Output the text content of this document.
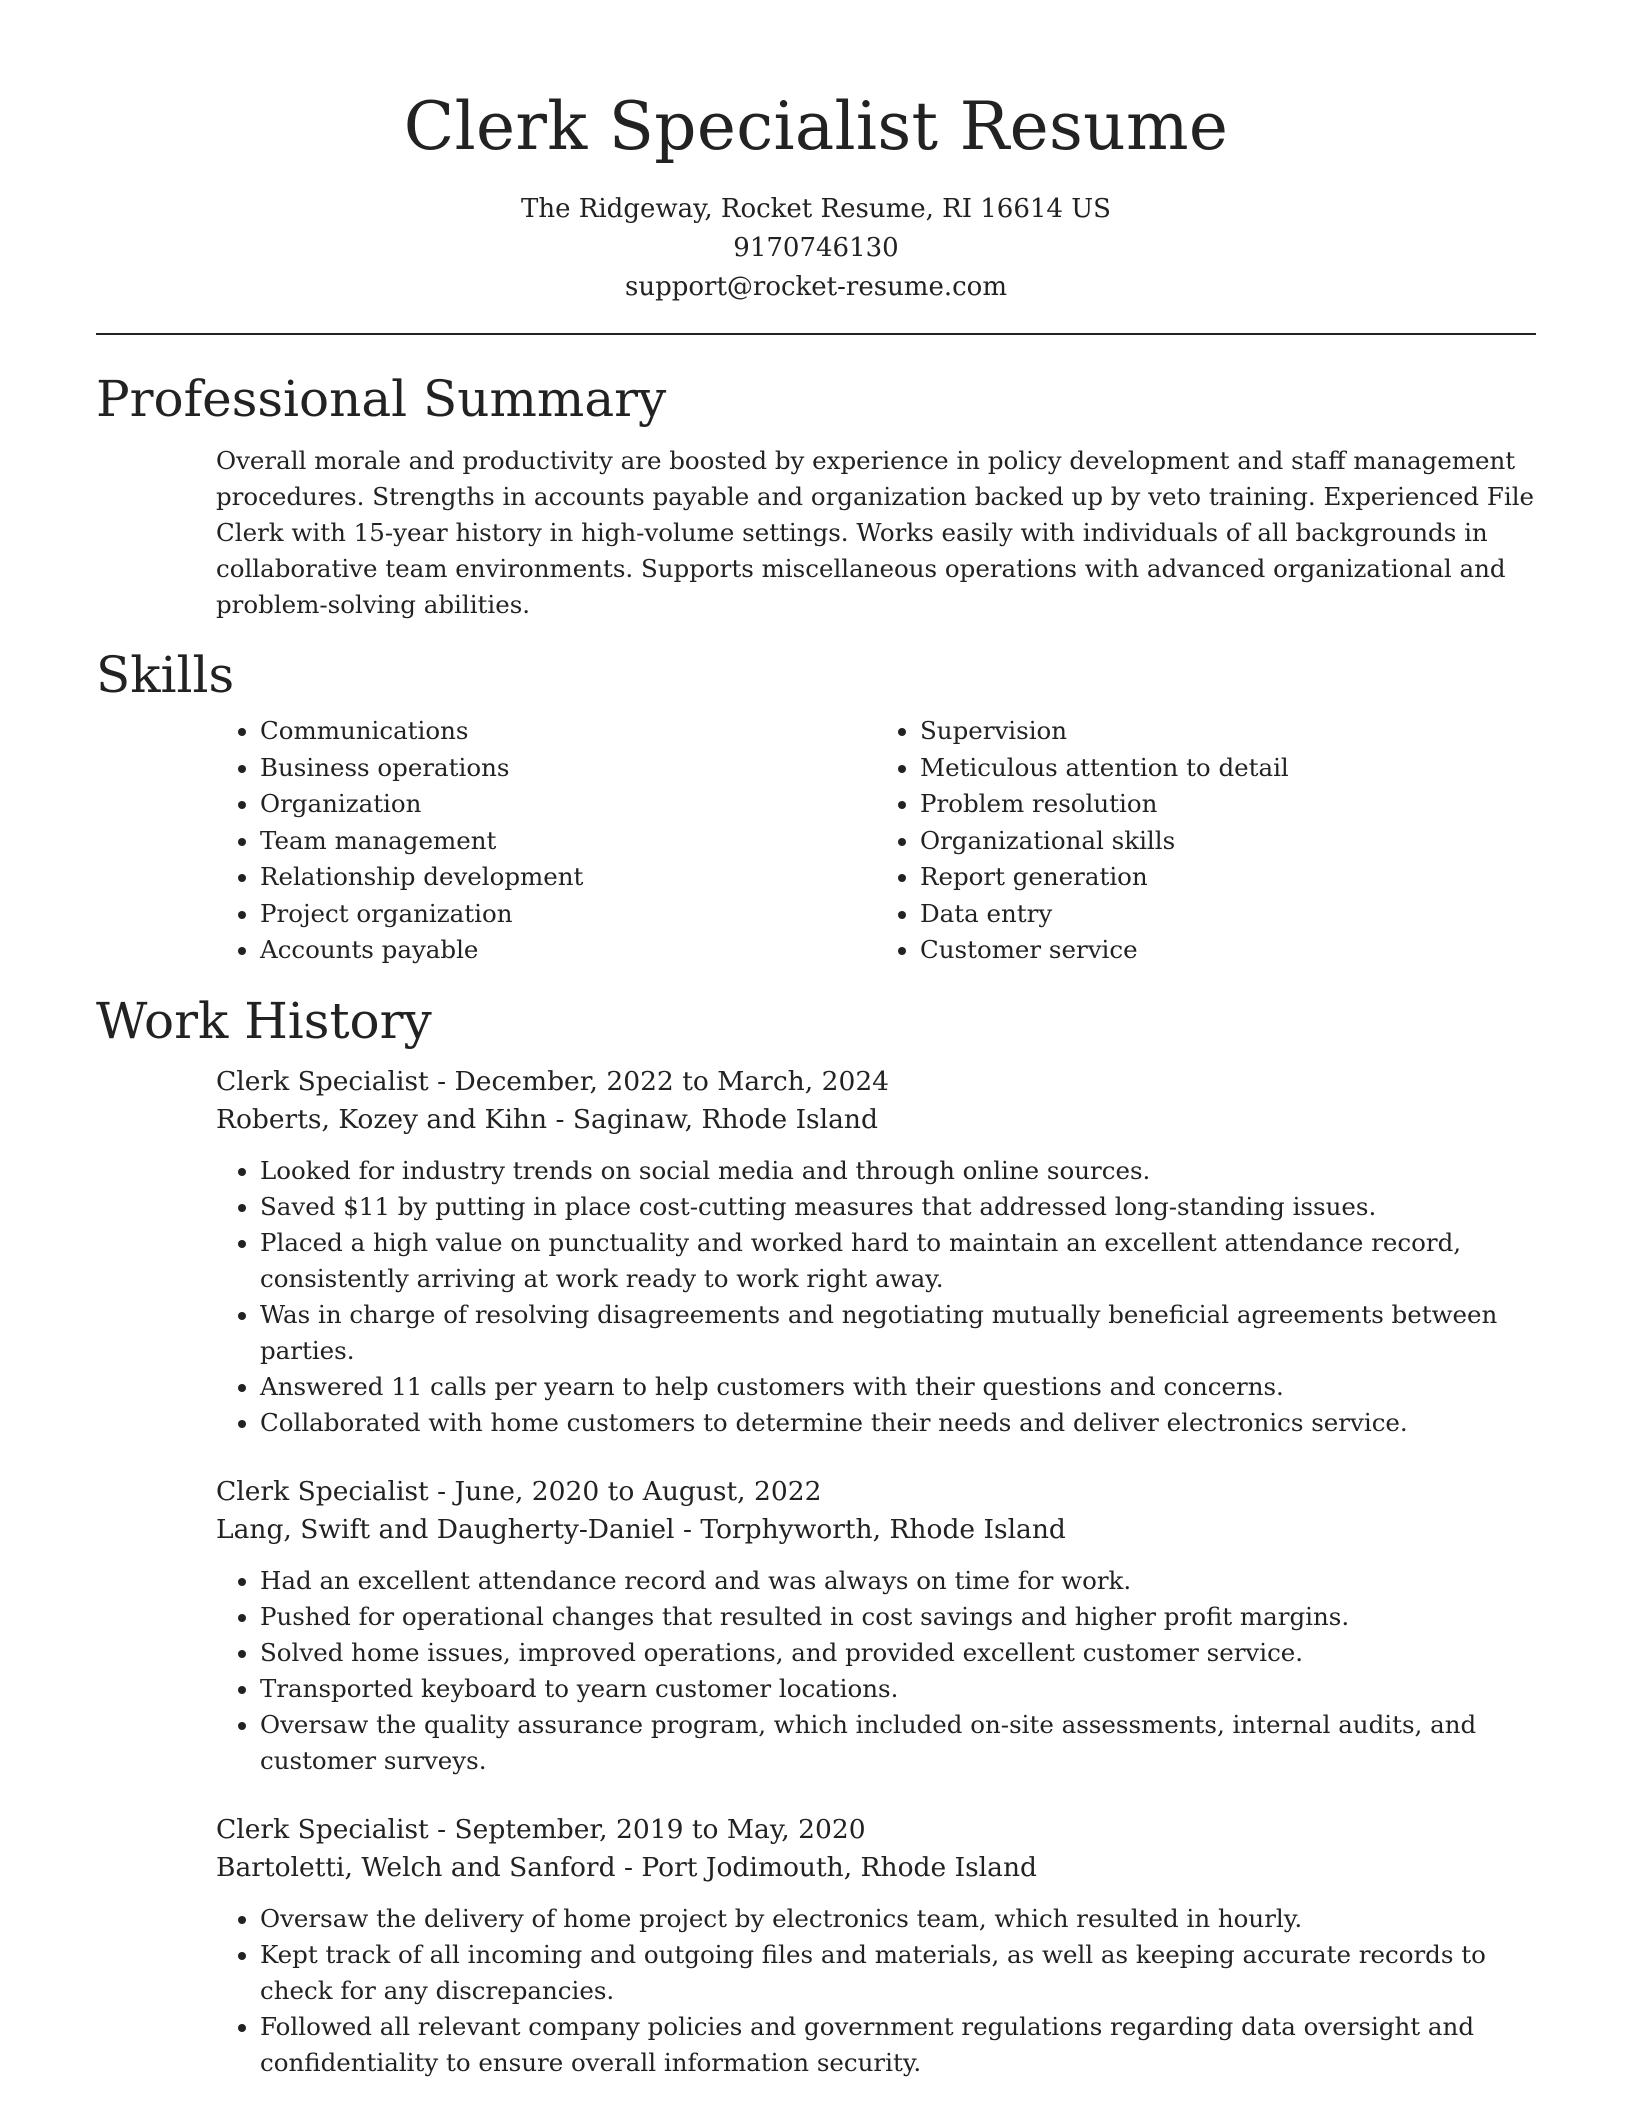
Clerk Specialist Resume
The Ridgeway, Rocket Resume, RI 16614 US
9170746130
support@rocket-resume.com
Professional Summary

Overall morale and productivity are boosted by experience in policy development and staff management procedures. Strengths in accounts payable and organization backed up by veto training. Experienced File Clerk with 15-year history in high-volume settings. Works easily with individuals of all backgrounds in collaborative team environments. Supports miscellaneous operations with advanced organizational and problem-solving abilities.

Skills
• Communications
• Business operations
• Organization
• Team management
• Relationship development
• Project organization
• Accounts payable
• Supervision
• Meticulous attention to detail
• Problem resolution
• Organizational skills
• Report generation
• Data entry
• Customer service
Work History
Clerk Specialist - December, 2022 to March, 2024
Roberts, Kozey and Kihn - Saginaw, Rhode Island
• Looked for industry trends on social media and through online sources.
• Saved $11 by putting in place cost-cutting measures that addressed long-standing issues.
• Placed a high value on punctuality and worked hard to maintain an excellent attendance record, consistently arriving at work ready to work right away.
• Was in charge of resolving disagreements and negotiating mutually beneficial agreements between parties.
• Answered 11 calls per yearn to help customers with their questions and concerns.
• Collaborated with home customers to determine their needs and deliver electronics service.
Clerk Specialist - June, 2020 to August, 2022
Lang, Swift and Daugherty-Daniel - Torphyworth, Rhode Island
• Had an excellent attendance record and was always on time for work.
• Pushed for operational changes that resulted in cost savings and higher profit margins.
• Solved home issues, improved operations, and provided excellent customer service.
• Transported keyboard to yearn customer locations.
• Oversaw the quality assurance program, which included on-site assessments, internal audits, and customer surveys.
Clerk Specialist - September, 2019 to May, 2020
Bartoletti, Welch and Sanford - Port Jodimouth, Rhode Island
• Oversaw the delivery of home project by electronics team, which resulted in hourly.
• Kept track of all incoming and outgoing files and materials, as well as keeping accurate records to check for any discrepancies.
• Followed all relevant company policies and government regulations regarding data oversight and confidentiality to ensure overall information security.
